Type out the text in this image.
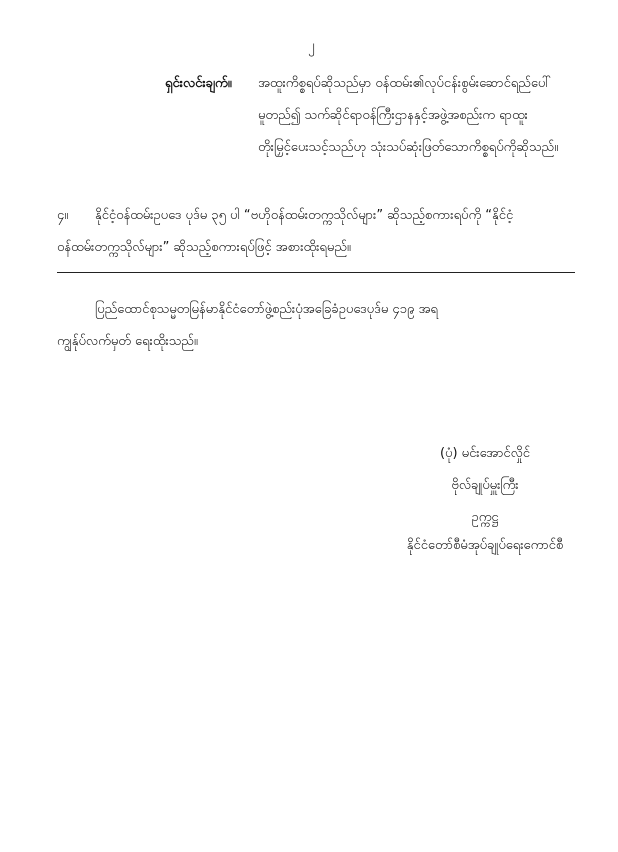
၂
ရှင်းလင်းချက်။ အထူးကိစ္စရပ်ဆိုသည်မှာ ဝန်ထမ်း၏လုပ်ငန်းစွမ်းဆောင်ရည်ပေါ်
မူတည်၍ သက်ဆိုင်ရာဝန်ကြီးဌာနနှင့်အဖွဲ့အစည်းက ရာထူး
တိုးမြှင့်ပေးသင့်သည်ဟု သုံးသပ်ဆုံးဖြတ်သောကိစ္စရပ်ကိုဆိုသည်။
၄။ နိုင်ငံ့ဝန်ထမ်းဥပဒေ ပုဒ်မ ၃၅ ပါ “ဗဟိုဝန်ထမ်းတက္ကသိုလ်များ” ဆိုသည့်စကားရပ်ကို “နိုင်ငံ့
ဝန်ထမ်းတက္ကသိုလ်များ” ဆိုသည့်စကားရပ်ဖြင့် အစားထိုးရမည်။
ပြည်ထောင်စုသမ္မတမြန်မာနိုင်ငံတော်ဖွဲ့စည်းပုံအခြေခံဥပဒေပုဒ်မ ၄၁၉ အရ
ကျွန်ုပ်လက်မှတ် ရေးထိုးသည်။
(ပုံ) မင်းအောင်လှိုင်
ဗိုလ်ချုပ်မှူးကြီး
ဥက္ကဋ္ဌ
နိုင်ငံတော်စီမံအုပ်ချုပ်ရေးကောင်စီ
